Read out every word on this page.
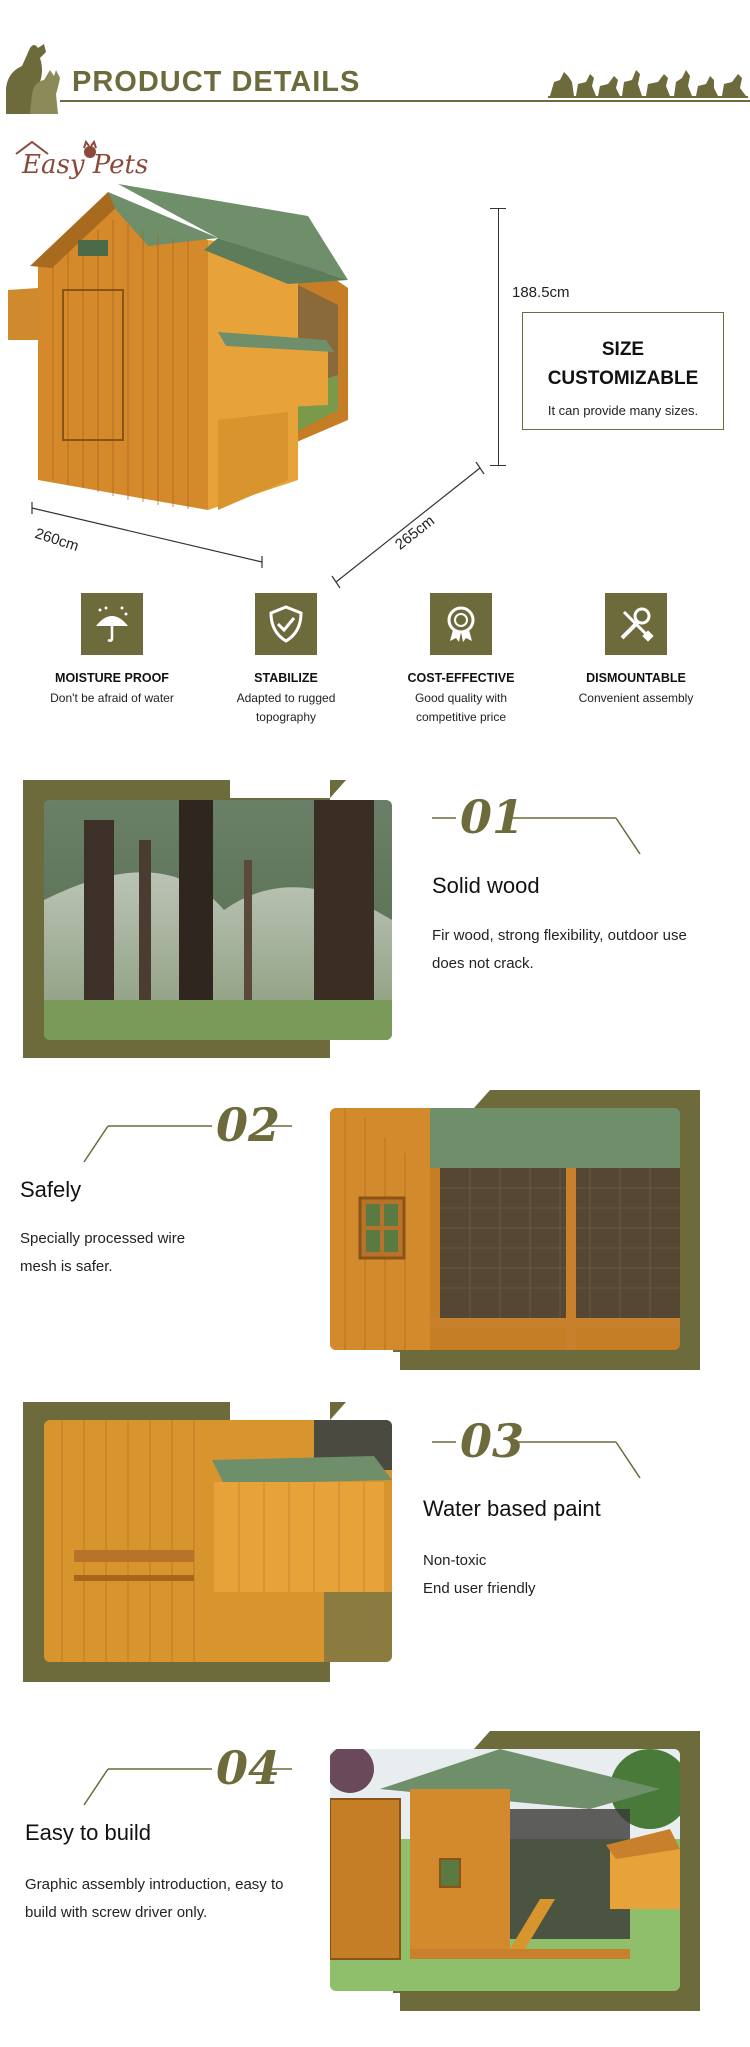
PRODUCT DETAILS
Easy Pets
188.5cm
260cm	265cm
SIZE
CUSTOMIZABLE
It can provide many sizes.
MOISTURE PROOF
Don't be afraid of water
STABILIZE
Adapted to rugged topography
COST-EFFECTIVE
Good quality with competitive price
DISMOUNTABLE
Convenient assembly
01
Solid wood
Fir wood, strong flexibility, outdoor use does not crack.
02
Safely
Specially processed wire mesh is safer.
03
Water based paint
Non-toxic
End user friendly
04
Easy to build
Graphic assembly introduction, easy to build with screw driver only.
